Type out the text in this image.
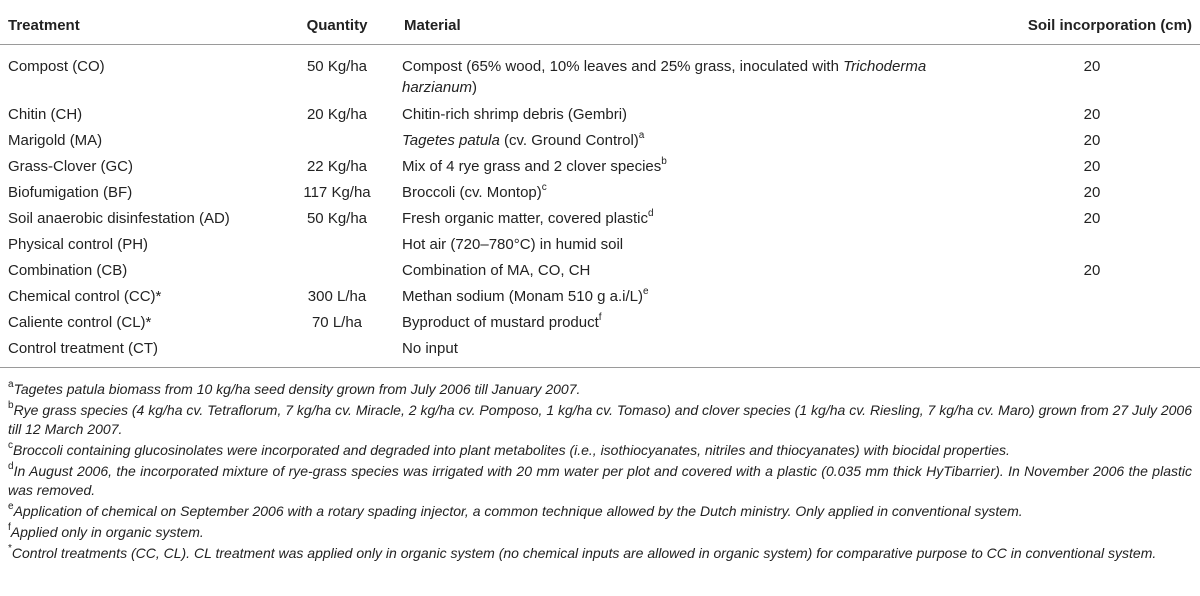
Treatment	Quantity	Material	Soil incorporation (cm)
Compost (CO)	50 Kg/ha	Compost (65% wood, 10% leaves and 25% grass, inoculated with Trichoderma harzianum)	20
Chitin (CH)	20 Kg/ha	Chitin-rich shrimp debris (Gembri)	20
Marigold (MA)		Tagetes patula (cv. Ground Control)$^a$	20
Grass-Clover (GC)	22 Kg/ha	Mix of 4 rye grass and 2 clover species$^b$	20
Biofumigation (BF)	117 Kg/ha	Broccoli (cv. Montop)$^c$	20
Soil anaerobic disinfestation (AD)	50 Kg/ha	Fresh organic matter, covered plastic$^d$	20
Physical control (PH)		Hot air (720–780°C) in humid soil	
Combination (CB)		Combination of MA, CO, CH	20
Chemical control (CC)*	300 L/ha	Methan sodium (Monam 510 g a.i/L)$^e$	
Caliente control (CL)*	70 L/ha	Byproduct of mustard product$^f$	
Control treatment (CT)		No input	

$^a$Tagetes patula biomass from 10 kg/ha seed density grown from July 2006 till January 2007.

$^b$Rye grass species (4 kg/ha cv. Tetraflorum, 7 kg/ha cv. Miracle, 2 kg/ha cv. Pomposo, 1 kg/ha cv. Tomaso) and clover species (1 kg/ha cv. Riesling, 7 kg/ha cv. Maro) grown from 27 July 2006 till 12 March 2007.

$^c$Broccoli containing glucosinolates were incorporated and degraded into plant metabolites (i.e., isothiocyanates, nitriles and thiocyanates) with biocidal properties.

$^d$In August 2006, the incorporated mixture of rye-grass species was irrigated with 20 mm water per plot and covered with a plastic (0.035 mm thick HyTibarrier). In November 2006 the plastic was removed.

$^e$Application of chemical on September 2006 with a rotary spading injector, a common technique allowed by the Dutch ministry. Only applied in conventional system.

$^f$Applied only in organic system.

*Control treatments (CC, CL). CL treatment was applied only in organic system (no chemical inputs are allowed in organic system) for comparative purpose to CC in conventional system.
